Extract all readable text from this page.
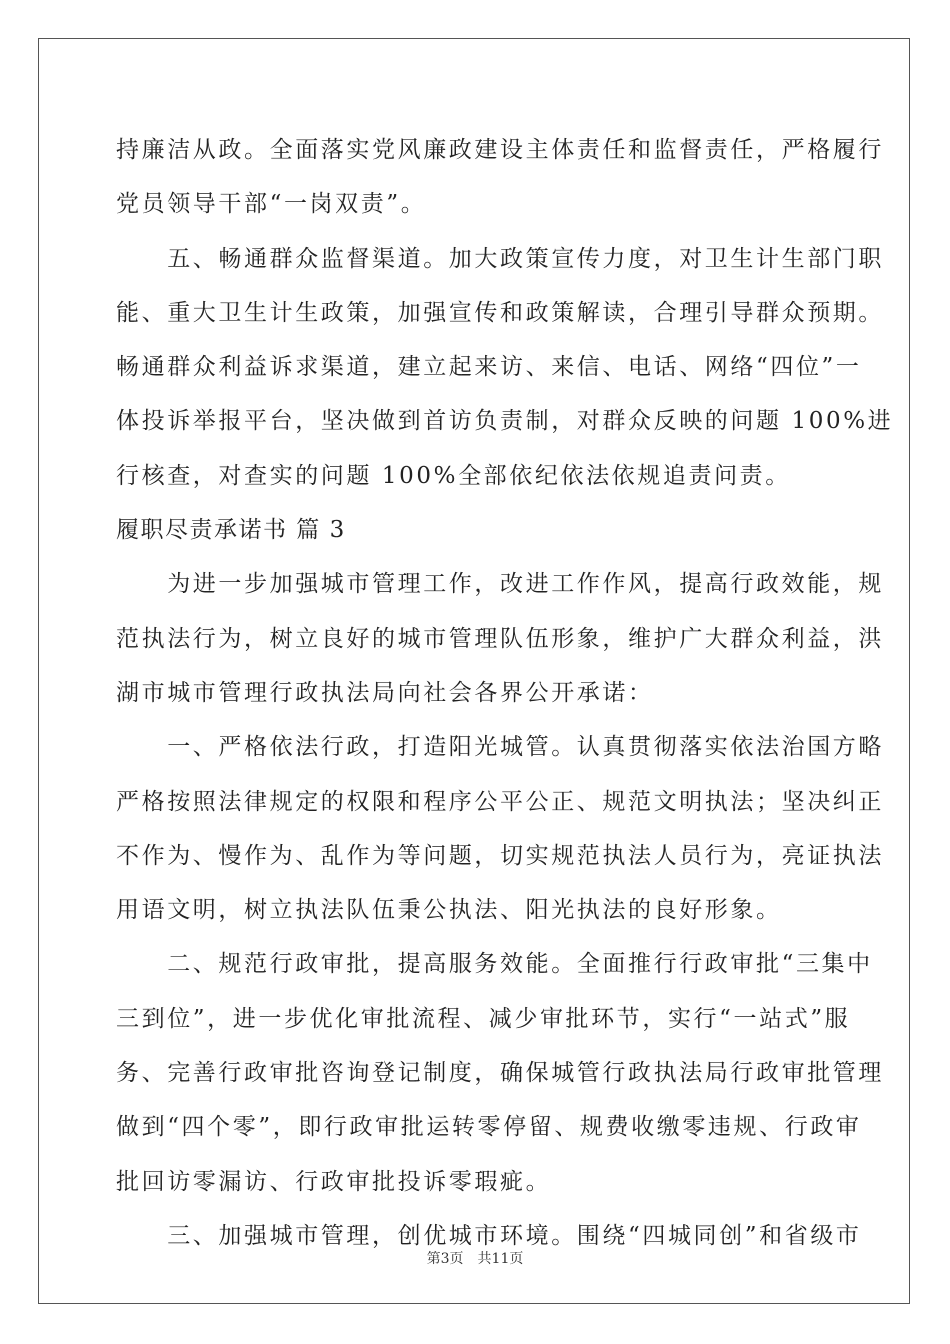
持廉洁从政。全面落实党风廉政建设主体责任和监督责任，严格履行
党员领导干部“一岗双责”。
　　五、畅通群众监督渠道。加大政策宣传力度，对卫生计生部门职
能、重大卫生计生政策，加强宣传和政策解读，合理引导群众预期。
畅通群众利益诉求渠道，建立起来访、来信、电话、网络“四位”一
体投诉举报平台，坚决做到首访负责制，对群众反映的问题 100%进
行核查，对查实的问题 100%全部依纪依法依规追责问责。
履职尽责承诺书 篇 3
　　为进一步加强城市管理工作，改进工作作风，提高行政效能，规
范执法行为，树立良好的城市管理队伍形象，维护广大群众利益，洪
湖市城市管理行政执法局向社会各界公开承诺：
　　一、严格依法行政，打造阳光城管。认真贯彻落实依法治国方略
严格按照法律规定的权限和程序公平公正、规范文明执法；坚决纠正
不作为、慢作为、乱作为等问题，切实规范执法人员行为，亮证执法
用语文明，树立执法队伍秉公执法、阳光执法的良好形象。
　　二、规范行政审批，提高服务效能。全面推行行政审批“三集中
三到位”，进一步优化审批流程、减少审批环节，实行“一站式”服
务、完善行政审批咨询登记制度，确保城管行政执法局行政审批管理
做到“四个零”，即行政审批运转零停留、规费收缴零违规、行政审
批回访零漏访、行政审批投诉零瑕疵。
　　三、加强城市管理，创优城市环境。围绕“四城同创”和省级市
第3页　共11页
